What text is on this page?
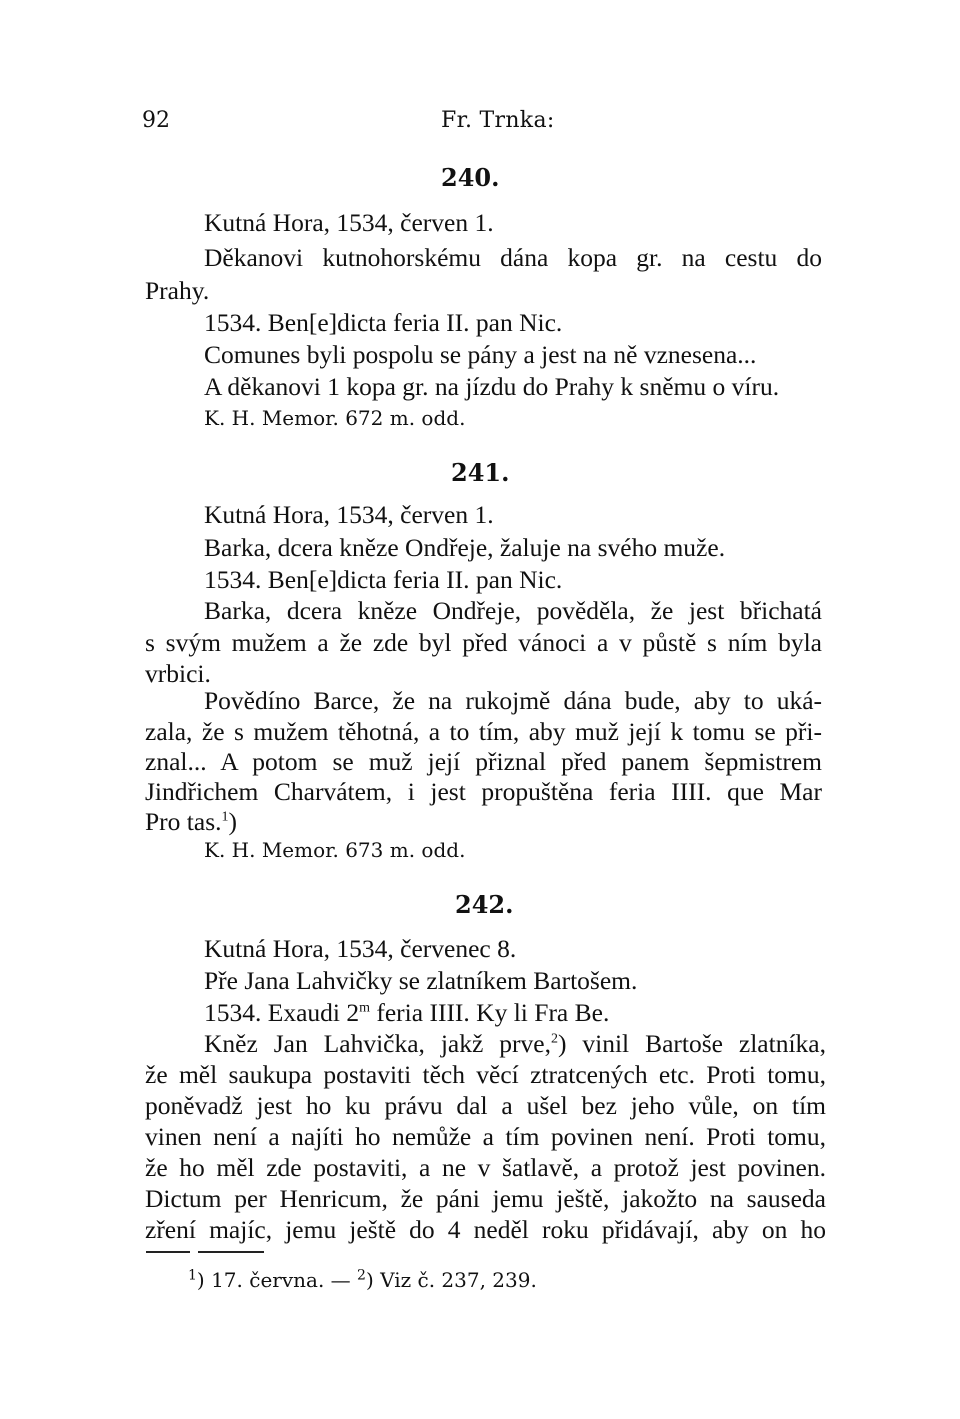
92	Fr. Trnka:
240.
Kutná Hora, 1534, červen 1.
Děkanovi kutnohorskému dána kopa gr. na cestu do
Prahy.
1534. Ben[e]dicta feria II. pan Nic.
Comunes byli pospolu se pány a jest na ně vznesena...
A děkanovi 1 kopa gr. na jízdu do Prahy k sněmu o víru.
K. H. Memor. 672 m. odd.
241.
Kutná Hora, 1534, červen 1.
Barka, dcera kněze Ondřeje, žaluje na svého muže.
1534. Ben[e]dicta feria II. pan Nic.
Barka, dcera kněze Ondřeje, pověděla, že jest břichatá
s svým mužem a že zde byl před vánoci a v půstě s ním byla
vrbici.
Povědíno Barce, že na rukojmě dána bude, aby to uká-
zala, že s mužem těhotná, a to tím, aby muž její k tomu se při-
znal... A potom se muž její přiznal před panem šepmistrem
Jindřichem Charvátem, i jest propuštěna feria IIII. que Mar
Pro tas.$^1$)
K. H. Memor. 673 m. odd.
242.
Kutná Hora, 1534, červenec 8.
Pře Jana Lahvičky se zlatníkem Bartošem.
1534. Exaudi 2$^m$ feria IIII. Ky li Fra Be.
Kněz Jan Lahvička, jakž prve,$^2$) vinil Bartoše zlatníka,
že měl saukupa postaviti těch věcí ztratcených etc. Proti tomu,
poněvadž jest ho ku právu dal a ušel bez jeho vůle, on tím
vinen není a najíti ho nemůže a tím povinen není. Proti tomu,
že ho měl zde postaviti, a ne v šatlavě, a protož jest povinen.
Dictum per Henricum, že páni jemu ještě, jakožto na sauseda
zření majíc, jemu ještě do 4 neděl roku přidávají, aby on ho
$^1$) 17. června. — $^2$) Viz č. 237, 239.
